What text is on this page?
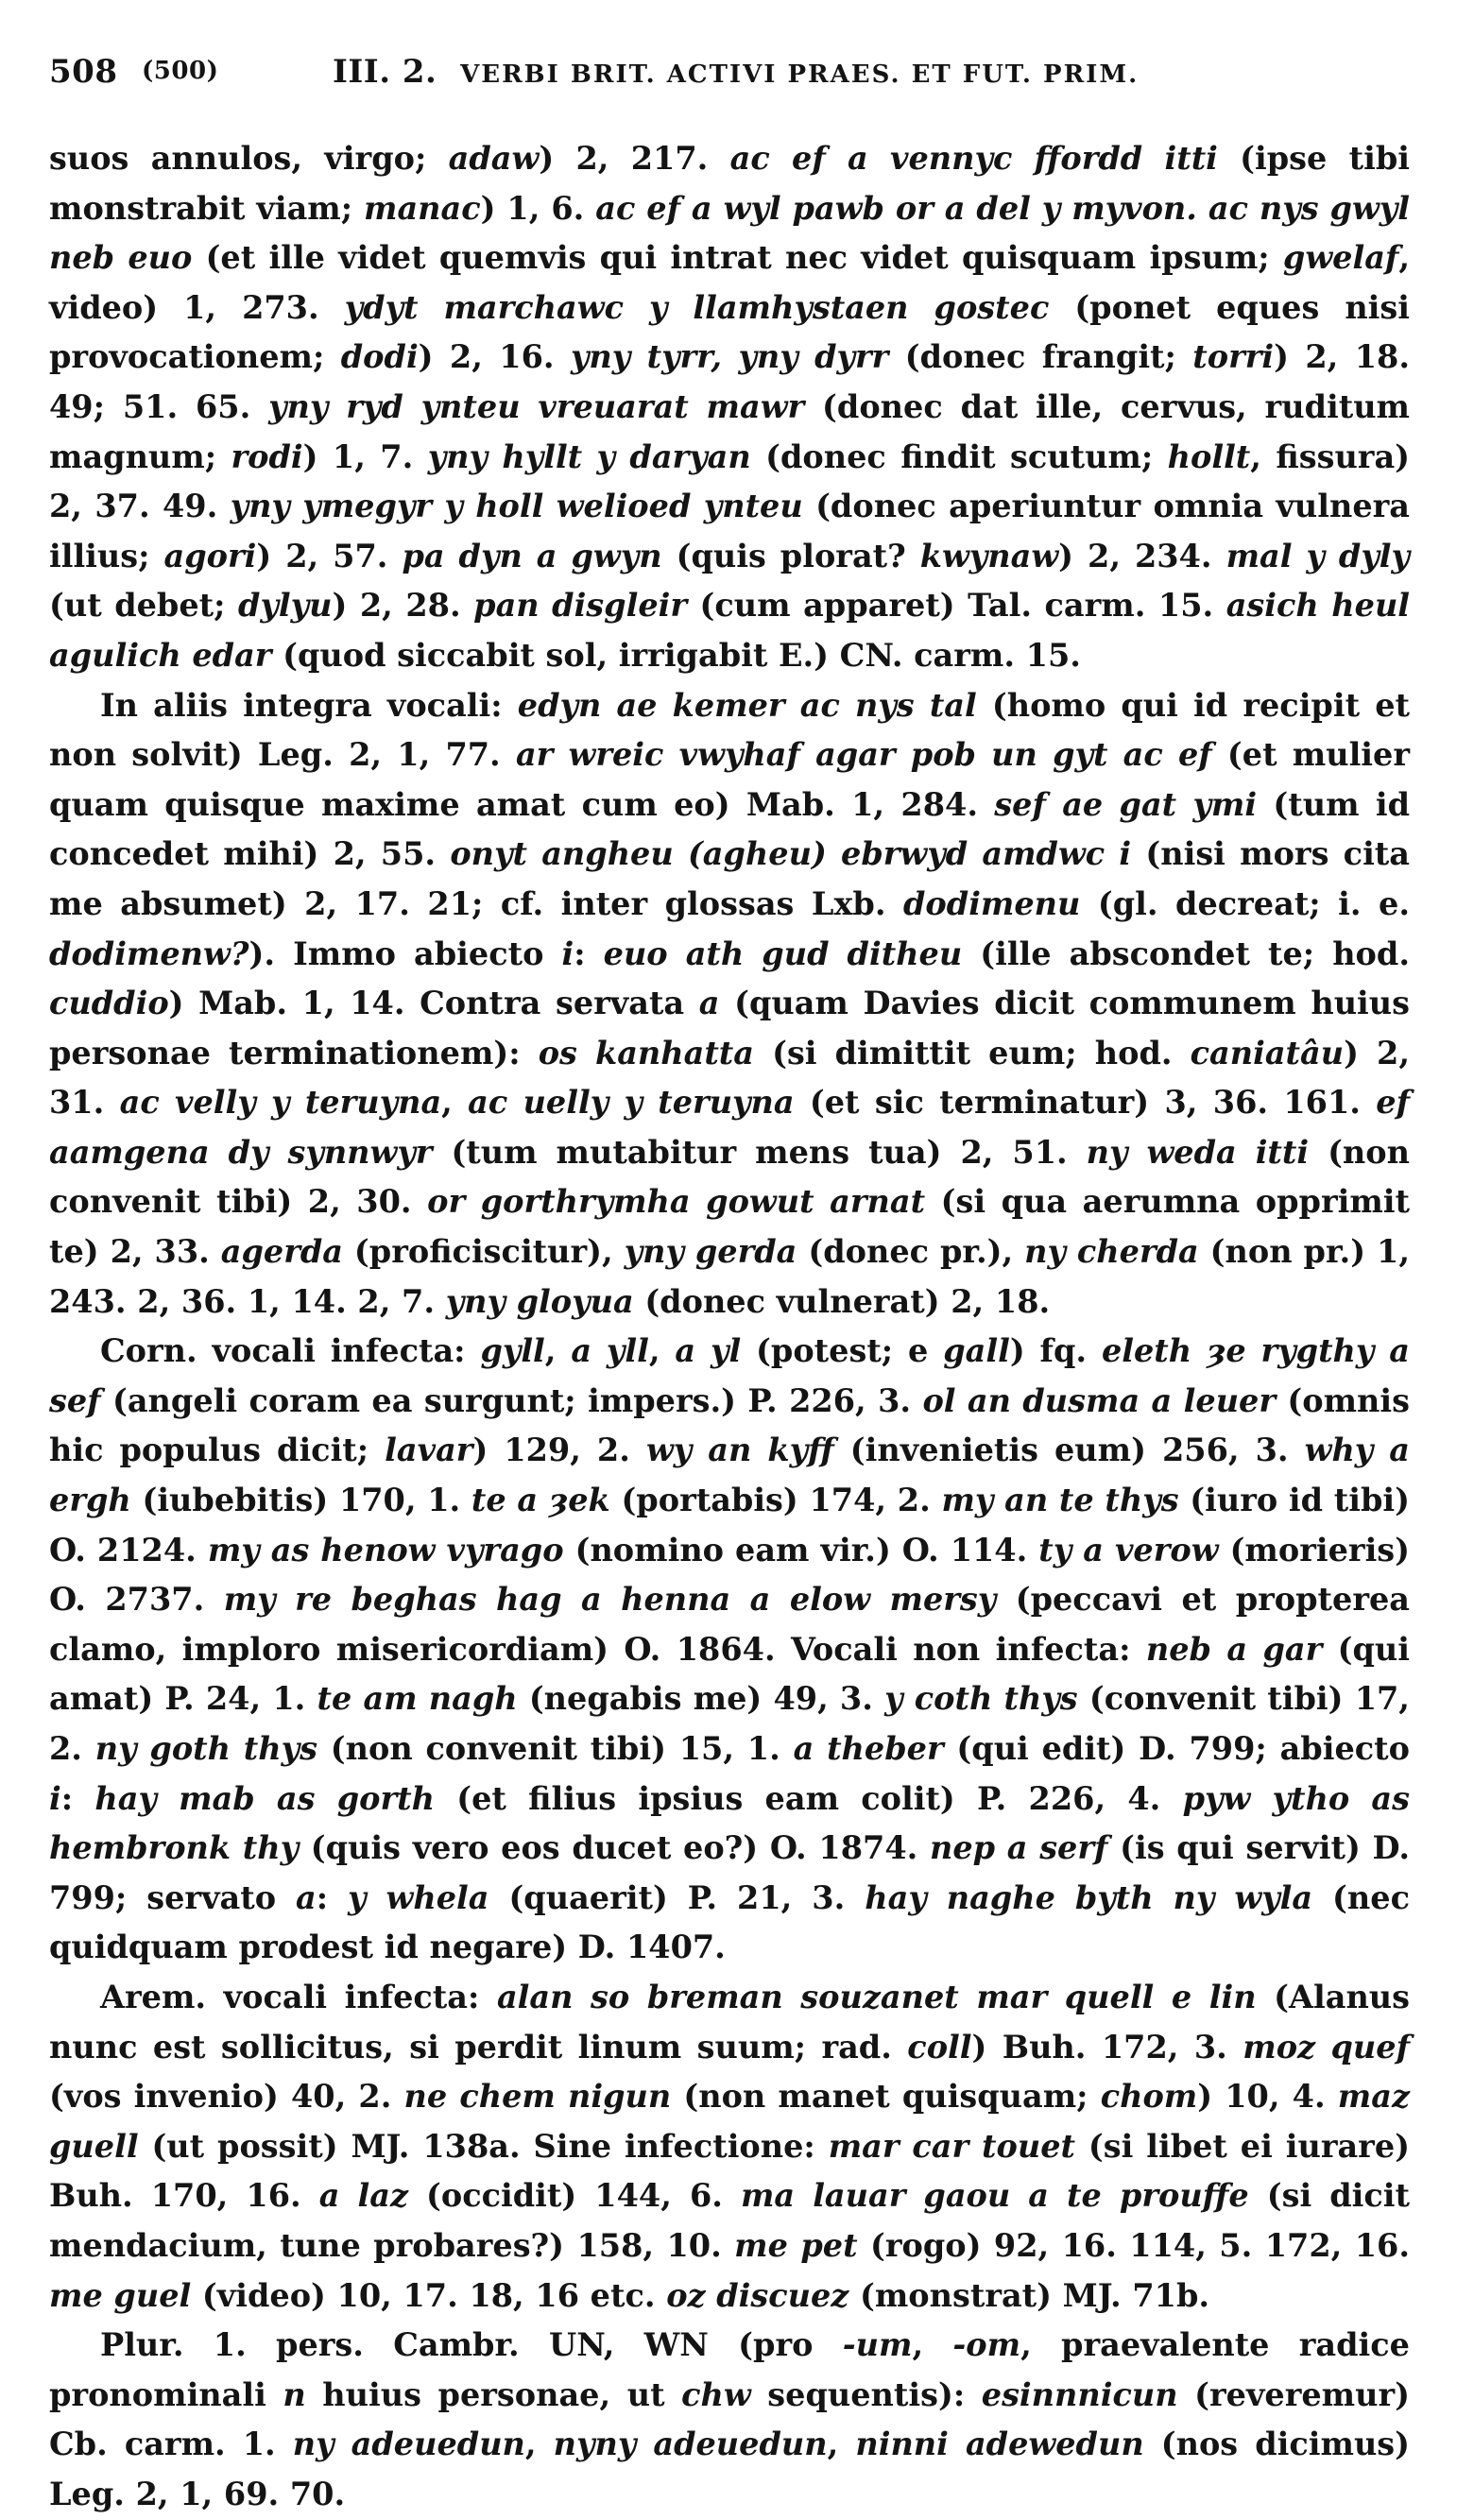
508 (500)	III. 2. VERBI BRIT. ACTIVI PRAES. ET FUT. PRIM.

suos annulos, virgo; adaw) 2, 217. ac ef a vennyc ffordd itti (ipse tibi monstrabit viam; manac) 1, 6. ac ef a wyl pawb or a del y myvon. ac nys gwyl neb euo (et ille videt quemvis qui intrat nec videt quisquam ipsum; gwelaf, video) 1, 273. ydyt marchawc y llamhystaen gostec (ponet eques nisi provocationem; dodi) 2, 16. yny tyrr, yny dyrr (donec frangit; torri) 2, 18. 49; 51. 65. yny ryd ynteu vreuarat mawr (donec dat ille, cervus, ruditum magnum; rodi) 1, 7. yny hyllt y daryan (donec findit scutum; hollt, fissura) 2, 37. 49. yny ymegyr y holl welioed ynteu (donec aperiuntur omnia vulnera illius; agori) 2, 57. pa dyn a gwyn (quis plorat? kwynaw) 2, 234. mal y dyly (ut debet; dylyu) 2, 28. pan disgleir (cum apparet) Tal. carm. 15. asich heul agulich edar (quod siccabit sol, irrigabit E.) CN. carm. 15.

In aliis integra vocali: edyn ae kemer ac nys tal (homo qui id recipit et non solvit) Leg. 2, 1, 77. ar wreic vwyhaf agar pob un gyt ac ef (et mulier quam quisque maxime amat cum eo) Mab. 1, 284. sef ae gat ymi (tum id concedet mihi) 2, 55. onyt angheu (agheu) ebrwyd amdwc i (nisi mors cita me absumet) 2, 17. 21; cf. inter glossas Lxb. dodimenu (gl. decreat; i. e. dodimenw?). Immo abiecto i: euo ath gud ditheu (ille abscondet te; hod. cuddio) Mab. 1, 14. Contra servata a (quam Davies dicit communem huius personae terminationem): os kanhatta (si dimittit eum; hod. caniatâu) 2, 31. ac velly y teruyna, ac uelly y teruyna (et sic terminatur) 3, 36. 161. ef aamgena dy synnwyr (tum mutabitur mens tua) 2, 51. ny weda itti (non convenit tibi) 2, 30. or gorthrymha gowut arnat (si qua aerumna opprimit te) 2, 33. agerda (proficiscitur), yny gerda (donec pr.), ny cherda (non pr.) 1, 243. 2, 36. 1, 14. 2, 7. yny gloyua (donec vulnerat) 2, 18.

Corn. vocali infecta: gyll, a yll, a yl (potest; e gall) fq. eleth ȝe rygthy a sef (angeli coram ea surgunt; impers.) P. 226, 3. ol an dusma a leuer (omnis hic populus dicit; lavar) 129, 2. wy an kyff (invenietis eum) 256, 3. why a ergh (iubebitis) 170, 1. te a ȝek (portabis) 174, 2. my an te thys (iuro id tibi) O. 2124. my as henow vyrago (nomino eam vir.) O. 114. ty a verow (morieris) O. 2737. my re beghas hag a henna a elow mersy (peccavi et propterea clamo, imploro misericordiam) O. 1864. Vocali non infecta: neb a gar (qui amat) P. 24, 1. te am nagh (negabis me) 49, 3. y coth thys (convenit tibi) 17, 2. ny goth thys (non convenit tibi) 15, 1. a theber (qui edit) D. 799; abiecto i: hay mab as gorth (et filius ipsius eam colit) P. 226, 4. pyw ytho as hembronk thy (quis vero eos ducet eo?) O. 1874. nep a serf (is qui servit) D. 799; servato a: y whela (quaerit) P. 21, 3. hay naghe byth ny wyla (nec quidquam prodest id negare) D. 1407.

Arem. vocali infecta: alan so breman souzanet mar quell e lin (Alanus nunc est sollicitus, si perdit linum suum; rad. coll) Buh. 172, 3. moz quef (vos invenio) 40, 2. ne chem nigun (non manet quisquam; chom) 10, 4. maz guell (ut possit) MJ. 138a. Sine infectione: mar car touet (si libet ei iurare) Buh. 170, 16. a laz (occidit) 144, 6. ma lauar gaou a te prouffe (si dicit mendacium, tune probares?) 158, 10. me pet (rogo) 92, 16. 114, 5. 172, 16. me guel (video) 10, 17. 18, 16 etc. oz discuez (monstrat) MJ. 71b.

Plur. 1. pers. Cambr. UN, WN (pro -um, -om, praevalente radice pronominali n huius personae, ut chw sequentis): esinnnicun (reveremur) Cb. carm. 1. ny adeuedun, nyny adeuedun, ninni adewedun (nos dicimus) Leg. 2, 1, 69. 70.
